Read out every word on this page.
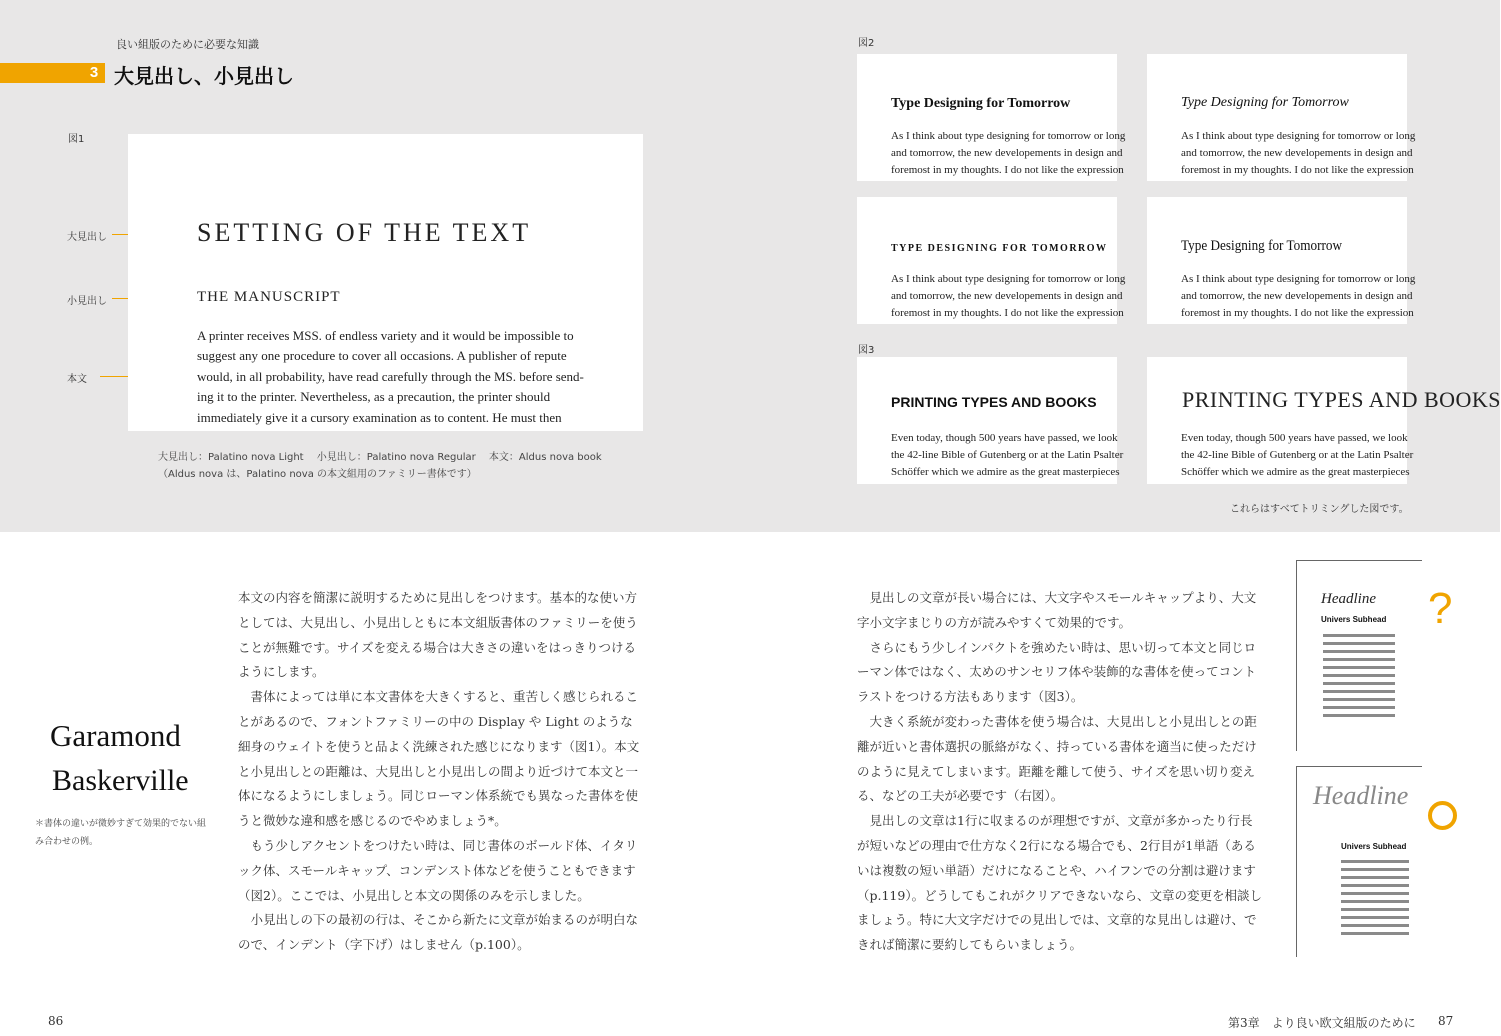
良い組版のために必要な知識
3 大見出し、小見出し
図1
大見出し
小見出し
本文
SETTING OF THE TEXT
THE MANUSCRIPT
A printer receives MSS. of endless variety and it would be impossible to
suggest any one procedure to cover all occasions. A publisher of repute
would, in all probability, have read carefully through the MS. before send-
ing it to the printer. Nevertheless, as a precaution, the printer should
immediately give it a cursory examination as to content. He must then
大見出し：Palatino nova Light　 小見出し：Palatino nova Regular　 本文：Aldus nova book
（Aldus nova は、Palatino nova の本文組用のファミリー書体です）
図2
Type Designing for Tomorrow
As I think about type designing for tomorrow or long
and tomorrow, the new developements in design and
foremost in my thoughts. I do not like the expression
Type Designing for Tomorrow
As I think about type designing for tomorrow or long
and tomorrow, the new developements in design and
foremost in my thoughts. I do not like the expression
TYPE DESIGNING FOR TOMORROW
As I think about type designing for tomorrow or long
and tomorrow, the new developements in design and
foremost in my thoughts. I do not like the expression
Type Designing for Tomorrow
As I think about type designing for tomorrow or long
and tomorrow, the new developements in design and
foremost in my thoughts. I do not like the expression
図3
PRINTING TYPES AND BOOKS
Even today, though 500 years have passed, we look
the 42-line Bible of Gutenberg or at the Latin Psalter
Schöffer which we admire as the great masterpieces
PRINTING TYPES AND BOOKS
Even today, though 500 years have passed, we look
the 42-line Bible of Gutenberg or at the Latin Psalter
Schöffer which we admire as the great masterpieces
これらはすべてトリミングした図です。
Garamond
Baskerville
＊書体の違いが微妙すぎて効果的でない組
み合わせの例。

本文の内容を簡潔に説明するために見出しをつけます。基本的な使い方としては、大見出し、小見出しともに本文組版書体のファミリーを使うことが無難です。サイズを変える場合は大きさの違いをはっきりつけるようにします。

書体によっては単に本文書体を大きくすると、重苦しく感じられることがあるので、フォントファミリーの中の Display や Light のような細身のウェイトを使うと品よく洗練された感じになります（図1）。本文と小見出しとの距離は、大見出しと小見出しの間より近づけて本文と一体になるようにしましょう。同じローマン体系統でも異なった書体を使うと微妙な違和感を感じるのでやめましょう*。

もう少しアクセントをつけたい時は、同じ書体のボールド体、イタリック体、スモールキャップ、コンデンスト体などを使うこともできます（図2）。ここでは、小見出しと本文の関係のみを示しました。

小見出しの下の最初の行は、そこから新たに文章が始まるのが明白なので、インデント（字下げ）はしません（p.100）。

86

見出しの文章が長い場合には、大文字やスモールキャップより、大文字小文字まじりの方が読みやすくて効果的です。

さらにもう少しインパクトを強めたい時は、思い切って本文と同じローマン体ではなく、太めのサンセリフ体や装飾的な書体を使ってコントラストをつける方法もあります（図3）。

大きく系統が変わった書体を使う場合は、大見出しと小見出しとの距離が近いと書体選択の脈絡がなく、持っている書体を適当に使っただけのように見えてしまいます。距離を離して使う、サイズを思い切り変える、などの工夫が必要です（右図）。

見出しの文章は1行に収まるのが理想ですが、文章が多かったり行長が短いなどの理由で仕方なく2行になる場合でも、2行目が1単語（あるいは複数の短い単語）だけになることや、ハイフンでの分割は避けます（p.119）。どうしてもこれがクリアできないなら、文章の変更を相談しましょう。特に大文字だけでの見出しでは、文章的な見出しは避け、できれば簡潔に要約してもらいましょう。

Headline
Univers Subhead ?
Headline
Univers Subhead
第3章　より良い欧文組版のために 87
